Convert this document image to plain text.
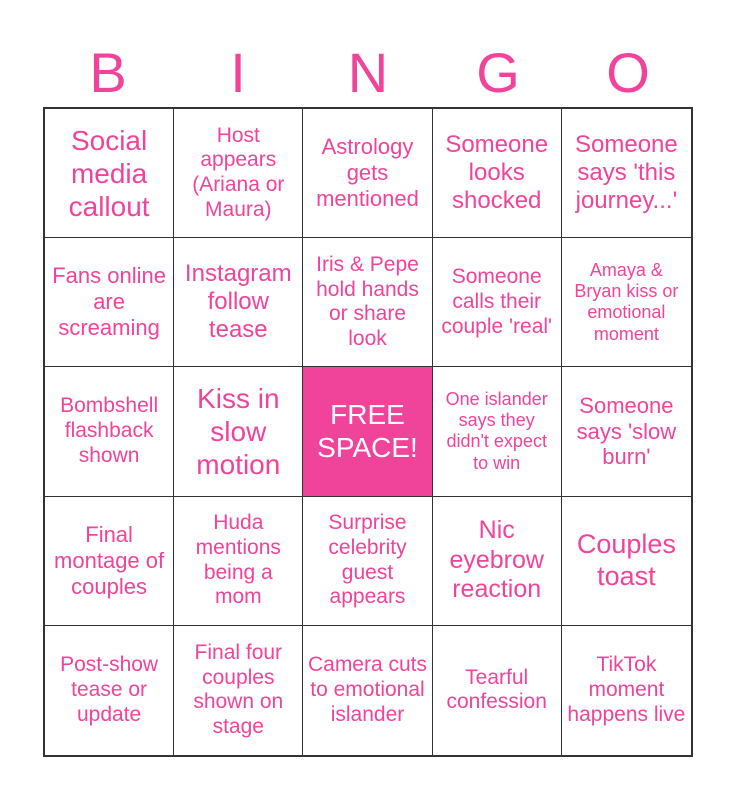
B	I	N	G	O
Social media callout
Host appears (Ariana or Maura)
Astrology gets mentioned
Someone looks shocked
Someone says 'this journey...'
Fans online are screaming
Instagram follow tease
Iris & Pepe hold hands or share look
Someone calls their couple 'real'
Amaya & Bryan kiss or emotional moment
Bombshell flashback shown
Kiss in slow motion
FREE SPACE!
One islander says they didn't expect to win
Someone says 'slow burn'
Final montage of couples
Huda mentions being a mom
Surprise celebrity guest appears
Nic eyebrow reaction
Couples toast
Post-show tease or update
Final four couples shown on stage
Camera cuts to emotional islander
Tearful confession
TikTok moment happens live
